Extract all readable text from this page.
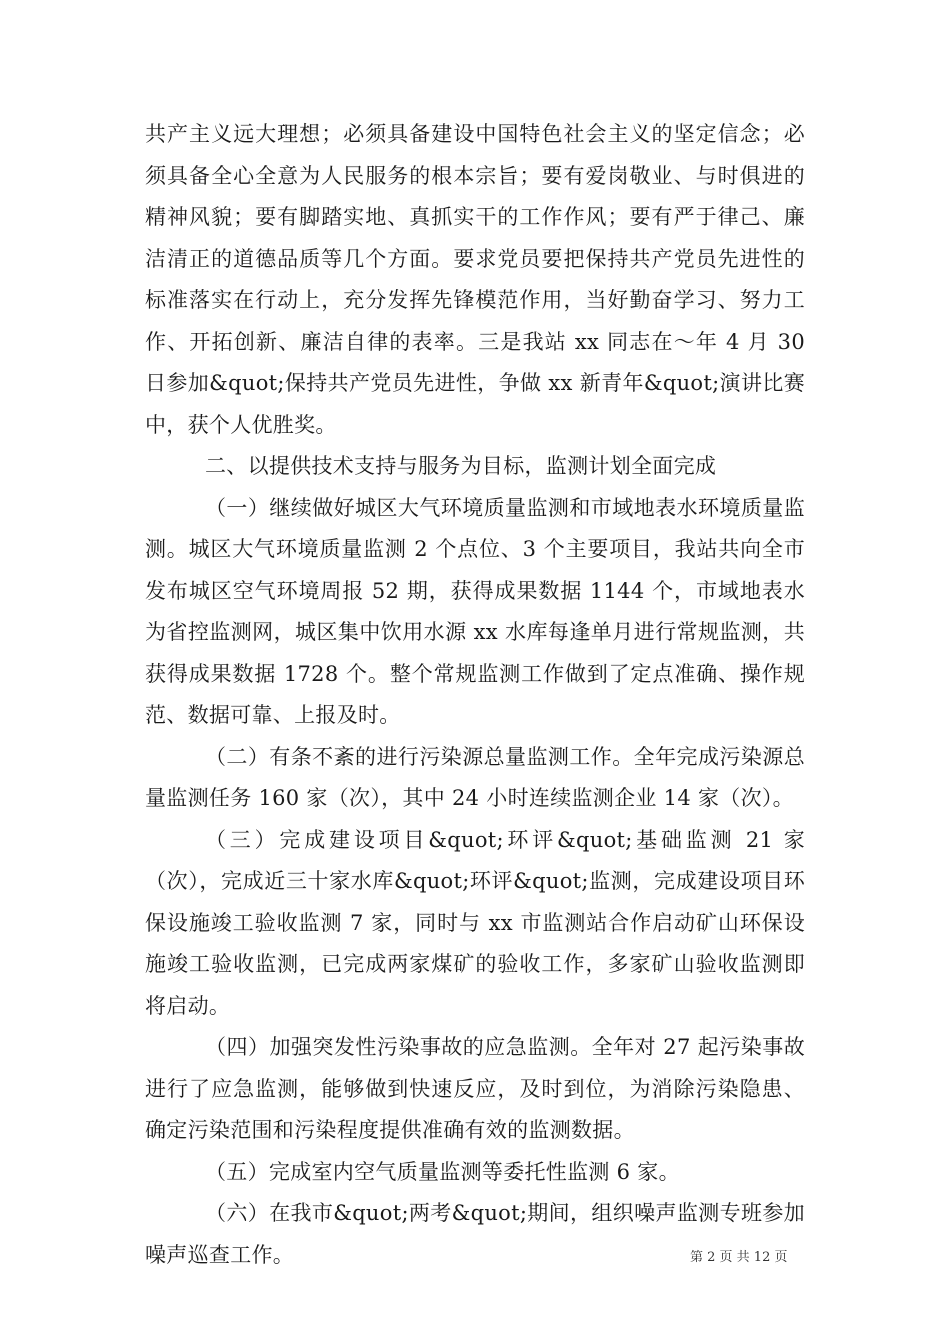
共产主义远大理想；必须具备建设中国特色社会主义的坚定信念；必须具备全心全意为人民服务的根本宗旨；要有爱岗敬业、与时俱进的精神风貌；要有脚踏实地、真抓实干的工作作风；要有严于律己、廉洁清正的道德品质等几个方面。要求党员要把保持共产党员先进性的标准落实在行动上，充分发挥先锋模范作用，当好勤奋学习、努力工作、开拓创新、廉洁自律的表率。三是我站 xx 同志在～年 4 月 30 日参加&quot;保持共产党员先进性，争做 xx 新青年&quot;演讲比赛中，获个人优胜奖。

二、以提供技术支持与服务为目标，监测计划全面完成

（一）继续做好城区大气环境质量监测和市域地表水环境质量监测。城区大气环境质量监测 2 个点位、3 个主要项目，我站共向全市发布城区空气环境周报 52 期，获得成果数据 1144 个，市域地表水为省控监测网，城区集中饮用水源 xx 水库每逢单月进行常规监测，共获得成果数据 1728 个。整个常规监测工作做到了定点准确、操作规范、数据可靠、上报及时。

（二）有条不紊的进行污染源总量监测工作。全年完成污染源总量监测任务 160 家（次），其中 24 小时连续监测企业 14 家（次）。

（三）完成建设项目&quot;环评&quot;基础监测 21 家（次），完成近三十家水库&quot;环评&quot;监测，完成建设项目环保设施竣工验收监测 7 家，同时与 xx 市监测站合作启动矿山环保设施竣工验收监测，已完成两家煤矿的验收工作，多家矿山验收监测即将启动。

（四）加强突发性污染事故的应急监测。全年对 27 起污染事故进行了应急监测，能够做到快速反应，及时到位，为消除污染隐患、确定污染范围和污染程度提供准确有效的监测数据。

（五）完成室内空气质量监测等委托性监测 6 家。

（六）在我市&quot;两考&quot;期间，组织噪声监测专班参加噪声巡查工作。	第 2 页 共 12 页
